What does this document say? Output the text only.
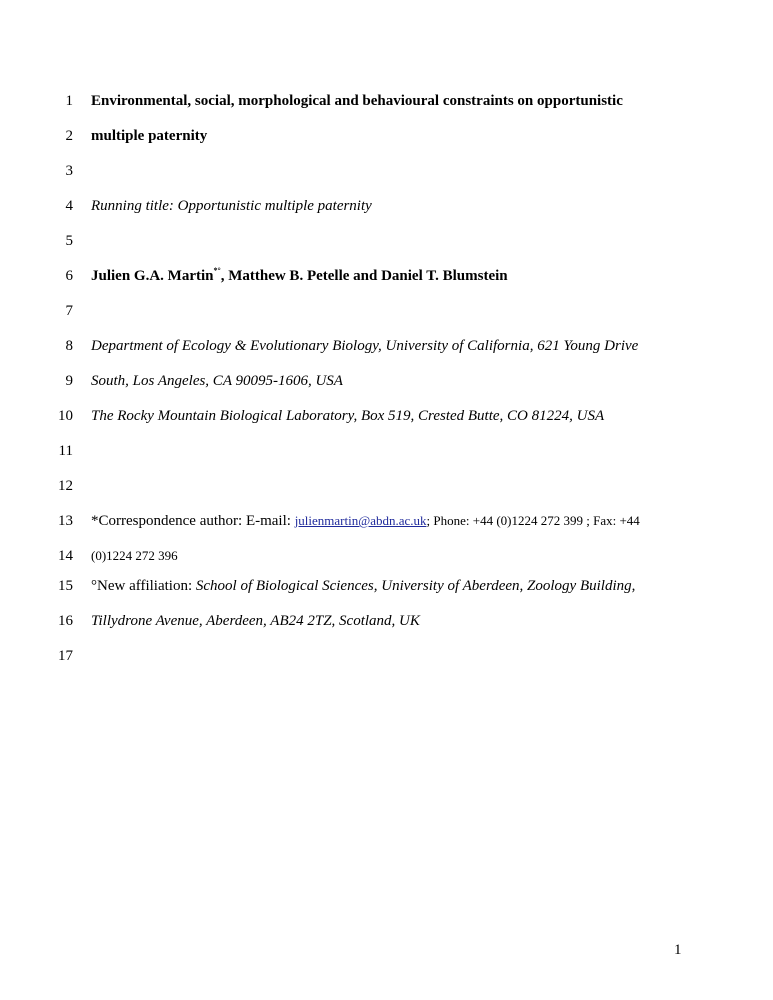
1 Environmental, social, morphological and behavioural constraints on opportunistic
2 multiple paternity
3
4 Running title: Opportunistic multiple paternity
5
6 Julien G.A. Martin*°, Matthew B. Petelle and Daniel T. Blumstein
7
8 Department of Ecology & Evolutionary Biology, University of California, 621 Young Drive
9 South, Los Angeles, CA 90095-1606, USA
10 The Rocky Mountain Biological Laboratory, Box 519, Crested Butte, CO 81224, USA
11
12
13 *Correspondence author: E-mail: julienmartin@abdn.ac.uk; Phone: +44 (0)1224 272 399 ; Fax: +44
14 (0)1224 272 396
15 °New affiliation: School of Biological Sciences, University of Aberdeen, Zoology Building,
16 Tillydrone Avenue, Aberdeen, AB24 2TZ, Scotland, UK
17
1
